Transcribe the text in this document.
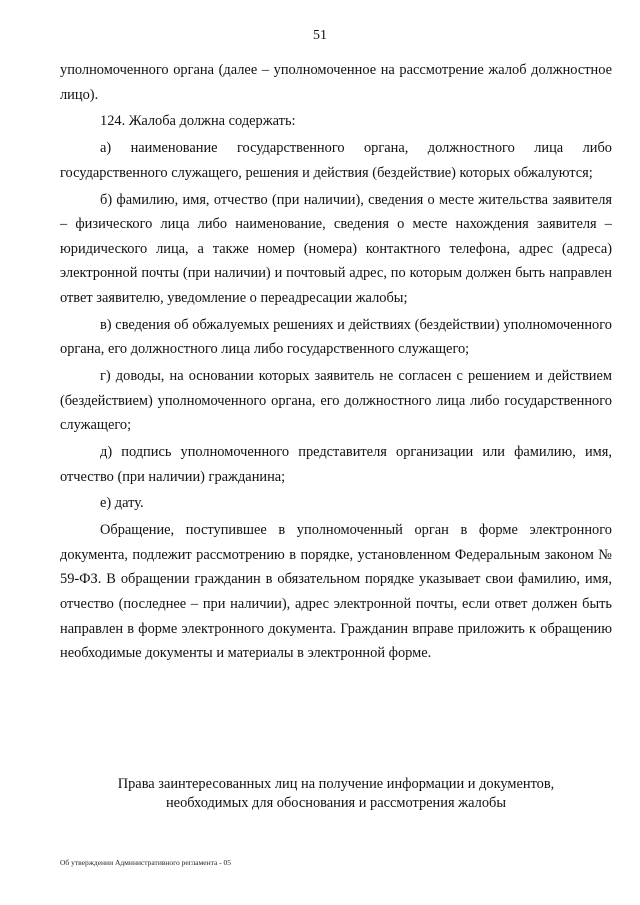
51

уполномоченного органа (далее – уполномоченное на рассмотрение жалоб должностное лицо).

124. Жалоба должна содержать:

а) наименование государственного органа, должностного лица либо государственного служащего, решения и действия (бездействие) которых обжалуются;

б) фамилию, имя, отчество (при наличии), сведения о месте жительства заявителя – физического лица либо наименование, сведения о месте нахождения заявителя – юридического лица, а также номер (номера) контактного телефона, адрес (адреса) электронной почты (при наличии) и почтовый адрес, по которым должен быть направлен ответ заявителю, уведомление о переадресации жалобы;

в) сведения об обжалуемых решениях и действиях (бездействии) уполномоченного органа, его должностного лица либо государственного служащего;

г) доводы, на основании которых заявитель не согласен с решением и действием (бездействием) уполномоченного органа, его должностного лица либо государственного служащего;

д) подпись уполномоченного представителя организации или фамилию, имя, отчество (при наличии) гражданина;

е) дату.

Обращение, поступившее в уполномоченный орган в форме электронного документа, подлежит рассмотрению в порядке, установленном Федеральным законом № 59-ФЗ. В обращении гражданин в обязательном порядке указывает свои фамилию, имя, отчество (последнее – при наличии), адрес электронной почты, если ответ должен быть направлен в форме электронного документа. Гражданин вправе приложить к обращению необходимые документы и материалы в электронной форме.

Права заинтересованных лиц на получение информации и документов,
необходимых для обоснования и рассмотрения жалобы
Об утверждении Административного регламента - 05
